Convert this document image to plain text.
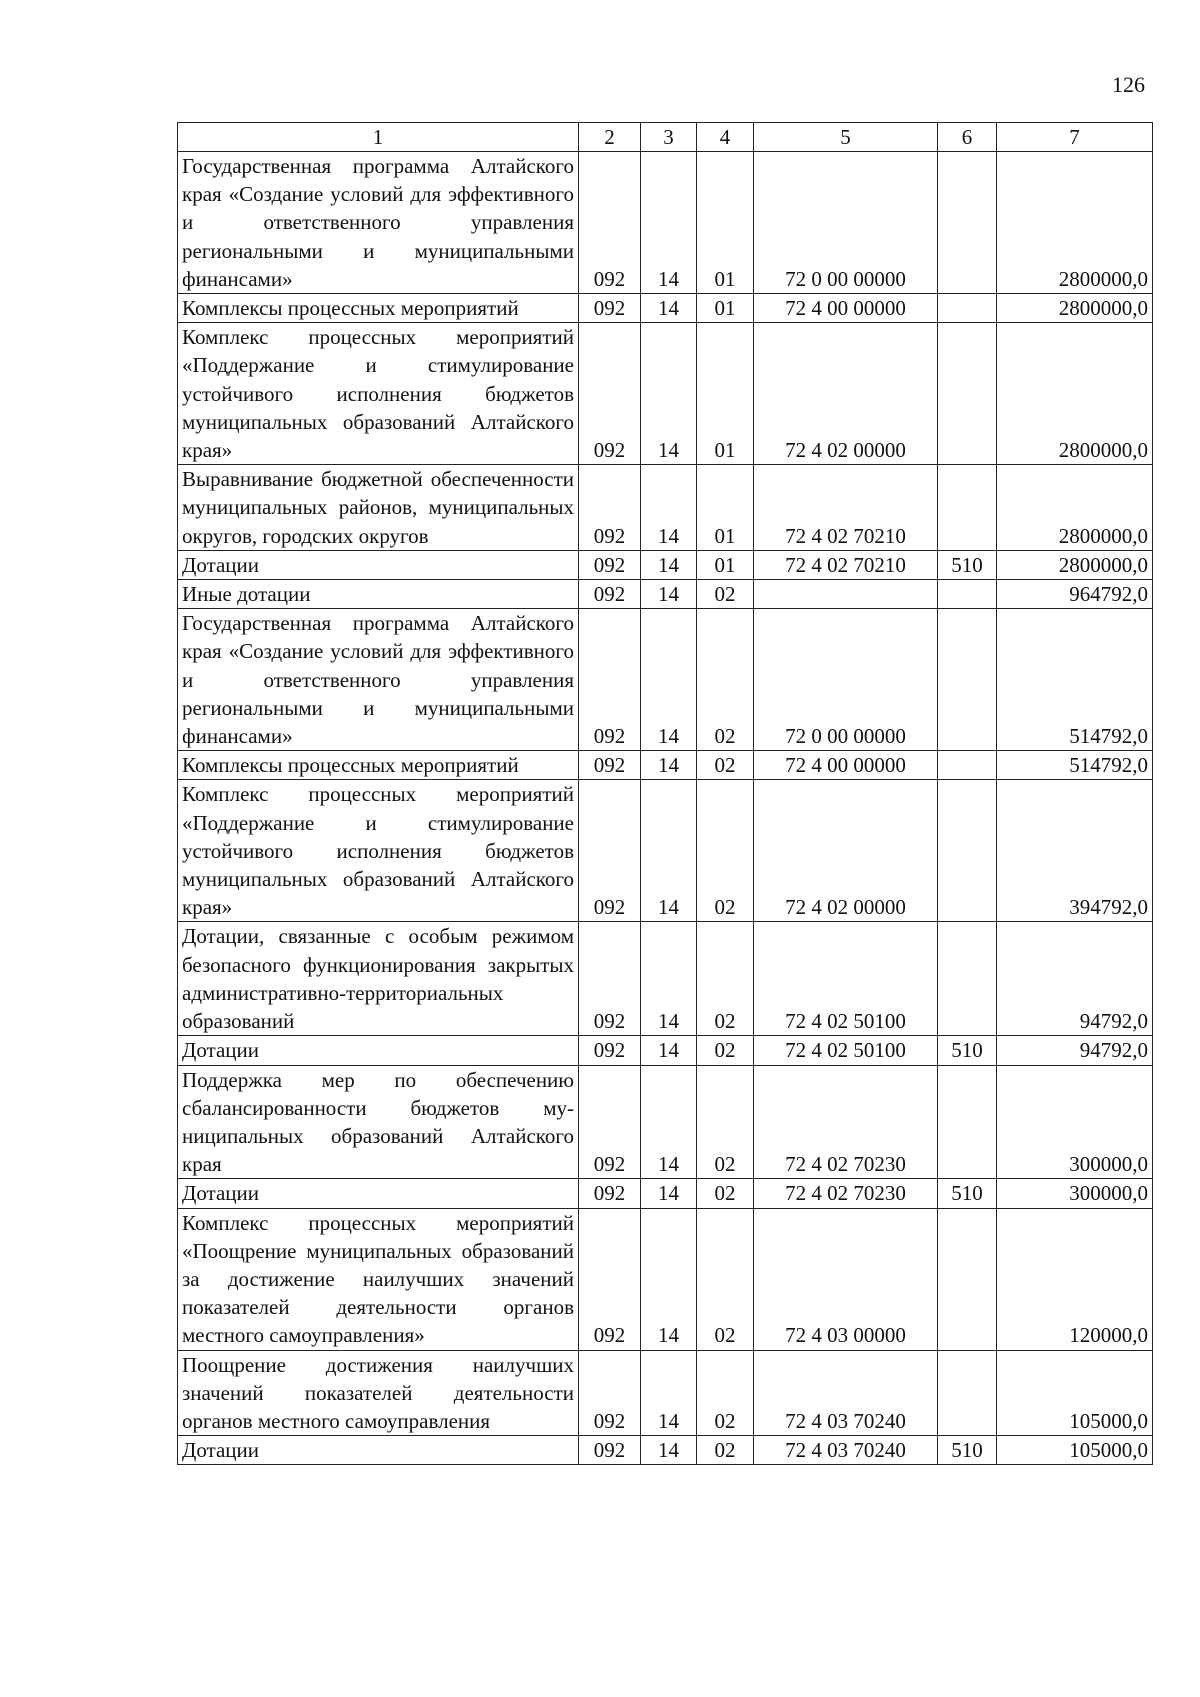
126
1	2	3	4	5	6	7
Государственная программа Алтайского края «Создание условий для эффективного и ответственного управления региональными и муниципальными финансами»	092	14	01	72 0 00 00000		2800000,0
Комплексы процессных мероприятий	092	14	01	72 4 00 00000		2800000,0
Комплекс процессных мероприятий «Поддержание и стимулирование устойчивого исполнения бюджетов муниципальных образований Алтайского края»	092	14	01	72 4 02 00000		2800000,0
Выравнивание бюджетной обеспеченности муниципальных районов, муниципальных округов, городских округов	092	14	01	72 4 02 70210		2800000,0
Дотации	092	14	01	72 4 02 70210	510	2800000,0
Иные дотации	092	14	02			964792,0
Государственная программа Алтайского края «Создание условий для эффективного и ответственного управления региональными и муниципальными финансами»	092	14	02	72 0 00 00000		514792,0
Комплексы процессных мероприятий	092	14	02	72 4 00 00000		514792,0
Комплекс процессных мероприятий «Поддержание и стимулирование устойчивого исполнения бюджетов муниципальных образований Алтайского края»	092	14	02	72 4 02 00000		394792,0
Дотации, связанные с особым режимом безопасного функционирования закрытых административно-территориальных образований	092	14	02	72 4 02 50100		94792,0
Дотации	092	14	02	72 4 02 50100	510	94792,0
Поддержка мер по обеспечению сбалансированности бюджетов муниципальных образований Алтайского края	092	14	02	72 4 02 70230		300000,0
Дотации	092	14	02	72 4 02 70230	510	300000,0
Комплекс процессных мероприятий «Поощрение муниципальных образований за достижение наилучших значений показателей деятельности органов местного самоуправления»	092	14	02	72 4 03 00000		120000,0
Поощрение достижения наилучших значений показателей деятельности органов местного самоуправления	092	14	02	72 4 03 70240		105000,0
Дотации	092	14	02	72 4 03 70240	510	105000,0
